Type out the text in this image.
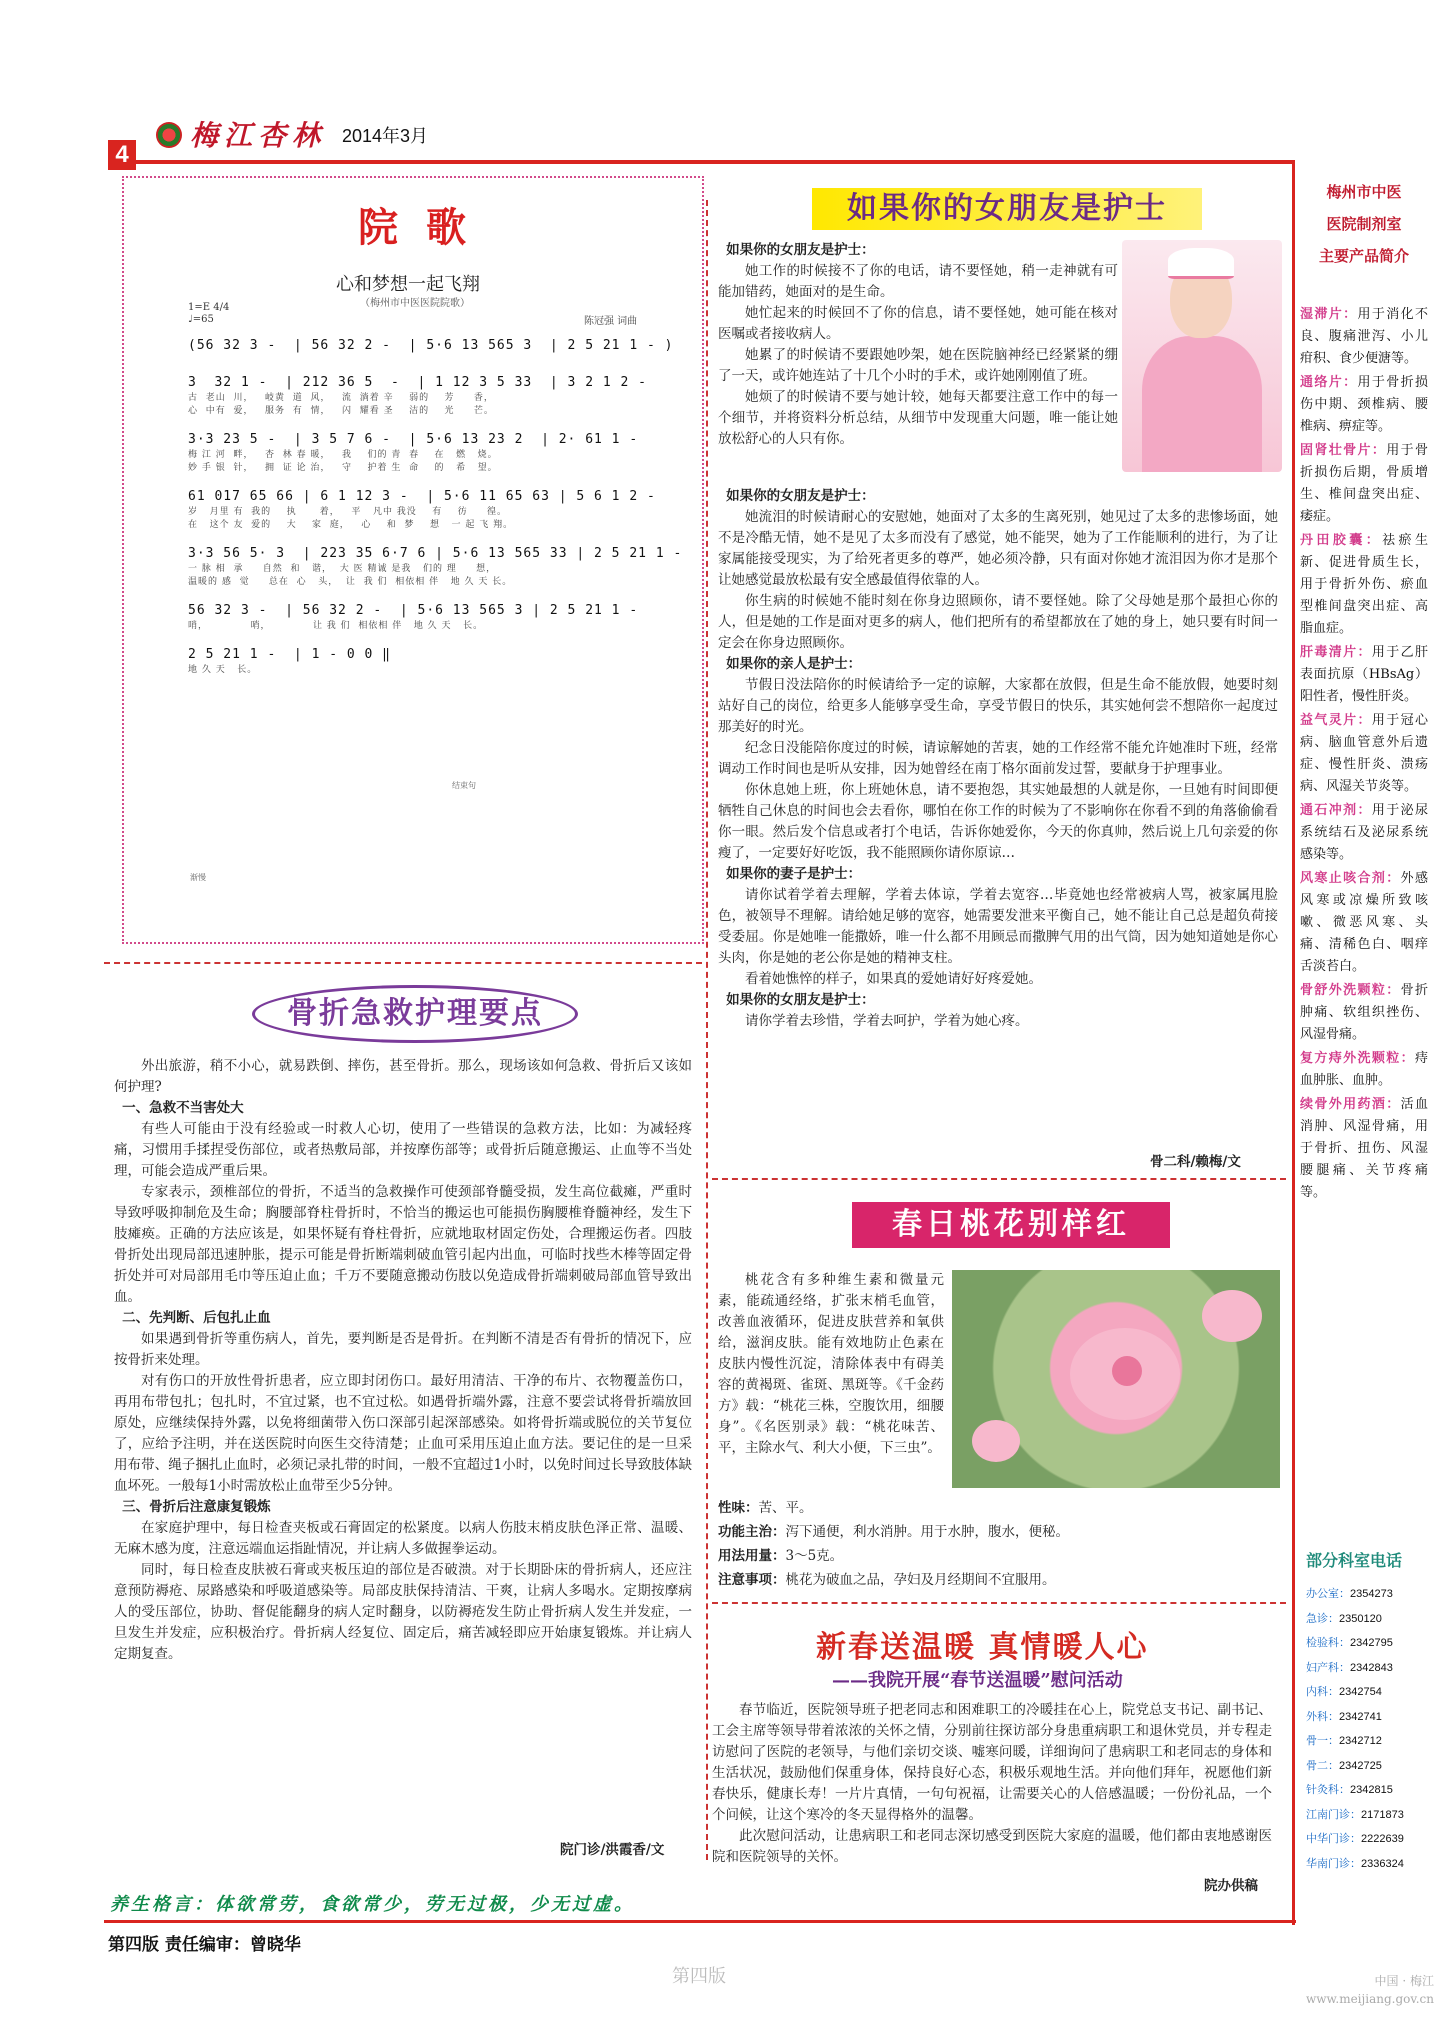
梅江杏林 2014年3月
4
院歌
心和梦想一起飞翔
（梅州市中医医院院歌）
陈冠强 词曲
1=E 4/4
♩=65
(56 32 3 -  | 56 32 2 -  | 5·6 13 565 3  | 2 5 21 1 - )
3  32 1 -  | 212 36 5  -  | 1 12 3 5 33  | 3 2 1 2 -
古  老山  川，   岐黄  道  风，   流  淌着 辛    弱的    芳     香，
心  中有  爱，   服务  有  情，   闪  耀看 圣    洁的    光     芒。
3·3 23 5 -  | 3 5 7 6 -  | 5·6 13 23 2  | 2· 61 1 -
梅 江 河  畔，   杏  林 春 暖，   我    们的 青  春    在   燃   烧。
妙 手 银  针，   拥  证 论 治，   守    护着 生  命    的   希   望。
61 017 65 66 | 6 1 12 3 -  | 5·6 11 65 63 | 5 6 1 2 -
岁   月里 有  我的    执      着，   平   凡中 我没    有    彷     徨。
在   这个 友  爱的    大    家  庭，   心    和  梦    想   一 起 飞 翔。
3·3 56 5· 3  | 223 35 6·7 6 | 5·6 13 565 33 | 2 5 21 1 -
一 脉 相  承     自然  和   谐，  大 医 精诚 是我   们的 理     想，
温暖的 感  觉     总在  心   头，  让  我 们  相依相 伴   地 久 天 长。
56 32 3 -  | 56 32 2 -  | 5·6 13 565 3 | 2 5 21 1 -
哨，           哨，           让 我 们  相依相 伴   地 久 天   长。
2 5 21 1 -  | 1 - 0 0 ‖
地 久 天   长。
结束句
渐慢
如果你的女朋友是护士

如果你的女朋友是护士：

她工作的时候接不了你的电话，请不要怪她，稍一走神就有可能加错药，她面对的是生命。

她忙起来的时候回不了你的信息，请不要怪她，她可能在核对医嘱或者接收病人。

她累了的时候请不要跟她吵架，她在医院脑神经已经紧紧的绷了一天，或许她连站了十几个小时的手术，或许她刚刚值了班。

她烦了的时候请不要与她计较，她每天都要注意工作中的每一个细节，并将资料分析总结，从细节中发现重大问题，唯一能让她放松舒心的人只有你。

如果你的女朋友是护士：

她流泪的时候请耐心的安慰她，她面对了太多的生离死别，她见过了太多的悲惨场面，她不是冷酷无情，她不是见了太多而没有了感觉，她不能哭，她为了工作能顺利的进行，为了让家属能接受现实，为了给死者更多的尊严，她必须冷静，只有面对你她才流泪因为你才是那个让她感觉最放松最有安全感最值得依靠的人。

你生病的时候她不能时刻在你身边照顾你，请不要怪她。除了父母她是那个最担心你的人，但是她的工作是面对更多的病人，他们把所有的希望都放在了她的身上，她只要有时间一定会在你身边照顾你。

如果你的亲人是护士：

节假日没法陪你的时候请给予一定的谅解，大家都在放假，但是生命不能放假，她要时刻站好自己的岗位，给更多人能够享受生命，享受节假日的快乐，其实她何尝不想陪你一起度过那美好的时光。

纪念日没能陪你度过的时候，请谅解她的苦衷，她的工作经常不能允许她准时下班，经常调动工作时间也是听从安排，因为她曾经在南丁格尔面前发过誓，要献身于护理事业。

你休息她上班，你上班她休息，请不要抱怨，其实她最想的人就是你，一旦她有时间即便牺牲自己休息的时间也会去看你，哪怕在你工作的时候为了不影响你在你看不到的角落偷偷看你一眼。然后发个信息或者打个电话，告诉你她爱你，今天的你真帅，然后说上几句亲爱的你瘦了，一定要好好吃饭，我不能照顾你请你原谅…

如果你的妻子是护士：

请你试着学着去理解，学着去体谅，学着去宽容…毕竟她也经常被病人骂，被家属甩脸色，被领导不理解。请给她足够的宽容，她需要发泄来平衡自己，她不能让自己总是超负荷接受委屈。你是她唯一能撒娇，唯一什么都不用顾忌而撒脾气用的出气筒，因为她知道她是你心头肉，你是她的老公你是她的精神支柱。

看着她憔悴的样子，如果真的爱她请好好疼爱她。

如果你的女朋友是护士：

请你学着去珍惜，学着去呵护，学着为她心疼。

骨二科/赖梅/文
骨折急救护理要点

外出旅游，稍不小心，就易跌倒、摔伤，甚至骨折。那么，现场该如何急救、骨折后又该如何护理?

一、急救不当害处大

有些人可能由于没有经验或一时救人心切，使用了一些错误的急救方法，比如：为减轻疼痛，习惯用手揉捏受伤部位，或者热敷局部，并按摩伤部等；或骨折后随意搬运、止血等不当处理，可能会造成严重后果。

专家表示，颈椎部位的骨折，不适当的急救操作可使颈部脊髓受损，发生高位截瘫，严重时导致呼吸抑制危及生命；胸腰部脊柱骨折时，不恰当的搬运也可能损伤胸腰椎脊髓神经，发生下肢瘫痪。正确的方法应该是，如果怀疑有脊柱骨折，应就地取材固定伤处，合理搬运伤者。四肢骨折处出现局部迅速肿胀，提示可能是骨折断端刺破血管引起内出血，可临时找些木棒等固定骨折处并可对局部用毛巾等压迫止血；千万不要随意搬动伤肢以免造成骨折端刺破局部血管导致出血。

二、先判断、后包扎止血

如果遇到骨折等重伤病人，首先，要判断是否是骨折。在判断不清是否有骨折的情况下，应按骨折来处理。

对有伤口的开放性骨折患者，应立即封闭伤口。最好用清洁、干净的布片、衣物覆盖伤口，再用布带包扎；包扎时，不宜过紧，也不宜过松。如遇骨折端外露，注意不要尝试将骨折端放回原处，应继续保持外露，以免将细菌带入伤口深部引起深部感染。如将骨折端或脱位的关节复位了，应给予注明，并在送医院时向医生交待清楚；止血可采用压迫止血方法。要记住的是一旦采用布带、绳子捆扎止血时，必须记录扎带的时间，一般不宜超过1小时，以免时间过长导致肢体缺血坏死。一般每1小时需放松止血带至少5分钟。

三、骨折后注意康复锻炼

在家庭护理中，每日检查夹板或石膏固定的松紧度。以病人伤肢末梢皮肤色泽正常、温暖、无麻木感为度，注意远端血运指趾情况，并让病人多做握拳运动。

同时，每日检查皮肤被石膏或夹板压迫的部位是否破溃。对于长期卧床的骨折病人，还应注意预防褥疮、尿路感染和呼吸道感染等。局部皮肤保持清洁、干爽，让病人多喝水。定期按摩病人的受压部位，协助、督促能翻身的病人定时翻身，以防褥疮发生防止骨折病人发生并发症，一旦发生并发症，应积极治疗。骨折病人经复位、固定后，痛苦减轻即应开始康复锻炼。并让病人定期复查。

院门诊/洪霞香/文
春日桃花别样红

桃花含有多种维生素和微量元素，能疏通经络，扩张末梢毛血管，改善血液循环，促进皮肤营养和氧供给，滋润皮肤。能有效地防止色素在皮肤内慢性沉淀，清除体表中有碍美容的黄褐斑、雀斑、黑斑等。《千金药方》载：“桃花三株，空腹饮用，细腰身”。《名医别录》载：“桃花味苦、平，主除水气、利大小便，下三虫”。

性味：苦、平。
功能主治：泻下通便，利水消肿。用于水肿，腹水，便秘。
用法用量：3～5克。
注意事项：桃花为破血之品，孕妇及月经期间不宜服用。
新春送温暖 真情暖人心
——我院开展“春节送温暖”慰问活动

春节临近，医院领导班子把老同志和困难职工的冷暖挂在心上，院党总支书记、副书记、工会主席等领导带着浓浓的关怀之情，分别前往探访部分身患重病职工和退休党员，并专程走访慰问了医院的老领导，与他们亲切交谈、嘘寒问暖，详细询问了患病职工和老同志的身体和生活状况，鼓励他们保重身体，保持良好心态，积极乐观地生活。并向他们拜年，祝愿他们新春快乐，健康长寿！一片片真情，一句句祝福，让需要关心的人倍感温暖；一份份礼品，一个个问候，让这个寒冷的冬天显得格外的温馨。

此次慰问活动，让患病职工和老同志深切感受到医院大家庭的温暖，他们都由衷地感谢医院和医院领导的关怀。

院办供稿
梅州市中医
医院制剂室
主要产品简介
湿滞片：用于消化不良、腹痛泄泻、小儿疳积、食少便溏等。
通络片：用于骨折损伤中期、颈椎病、腰椎病、痹症等。
固肾壮骨片：用于骨折损伤后期，骨质增生、椎间盘突出症、痿症。
丹田胶囊：祛瘀生新、促进骨质生长，用于骨折外伤、瘀血型椎间盘突出症、高脂血症。
肝毒清片：用于乙肝表面抗原（HBsAg）阳性者，慢性肝炎。
益气灵片：用于冠心病、脑血管意外后遗症、慢性肝炎、溃疡病、风湿关节炎等。
通石冲剂：用于泌尿系统结石及泌尿系统感染等。
风寒止咳合剂：外感风寒或凉燥所致咳嗽、微恶风寒、头痛、清稀色白、咽痒舌淡苔白。
骨舒外洗颗粒：骨折肿痛、软组织挫伤、风湿骨痛。
复方痔外洗颗粒：痔血肿胀、血肿。
续骨外用药酒：活血消肿、风湿骨痛，用于骨折、扭伤、风湿腰腿痛、关节疼痛等。
部分科室电话
办公室：2354273
急诊：2350120
检验科：2342795
妇产科：2342843
内科：2342754
外科：2342741
骨一：2342712
骨二：2342725
针灸科：2342815
江南门诊：2171873
中华门诊：2222639
华南门诊：2336324
养生格言：体欲常劳，食欲常少，劳无过极，少无过虚。
第四版 责任编审：曾晓华
第四版	中国 · 梅江
www.meijiang.gov.cn
